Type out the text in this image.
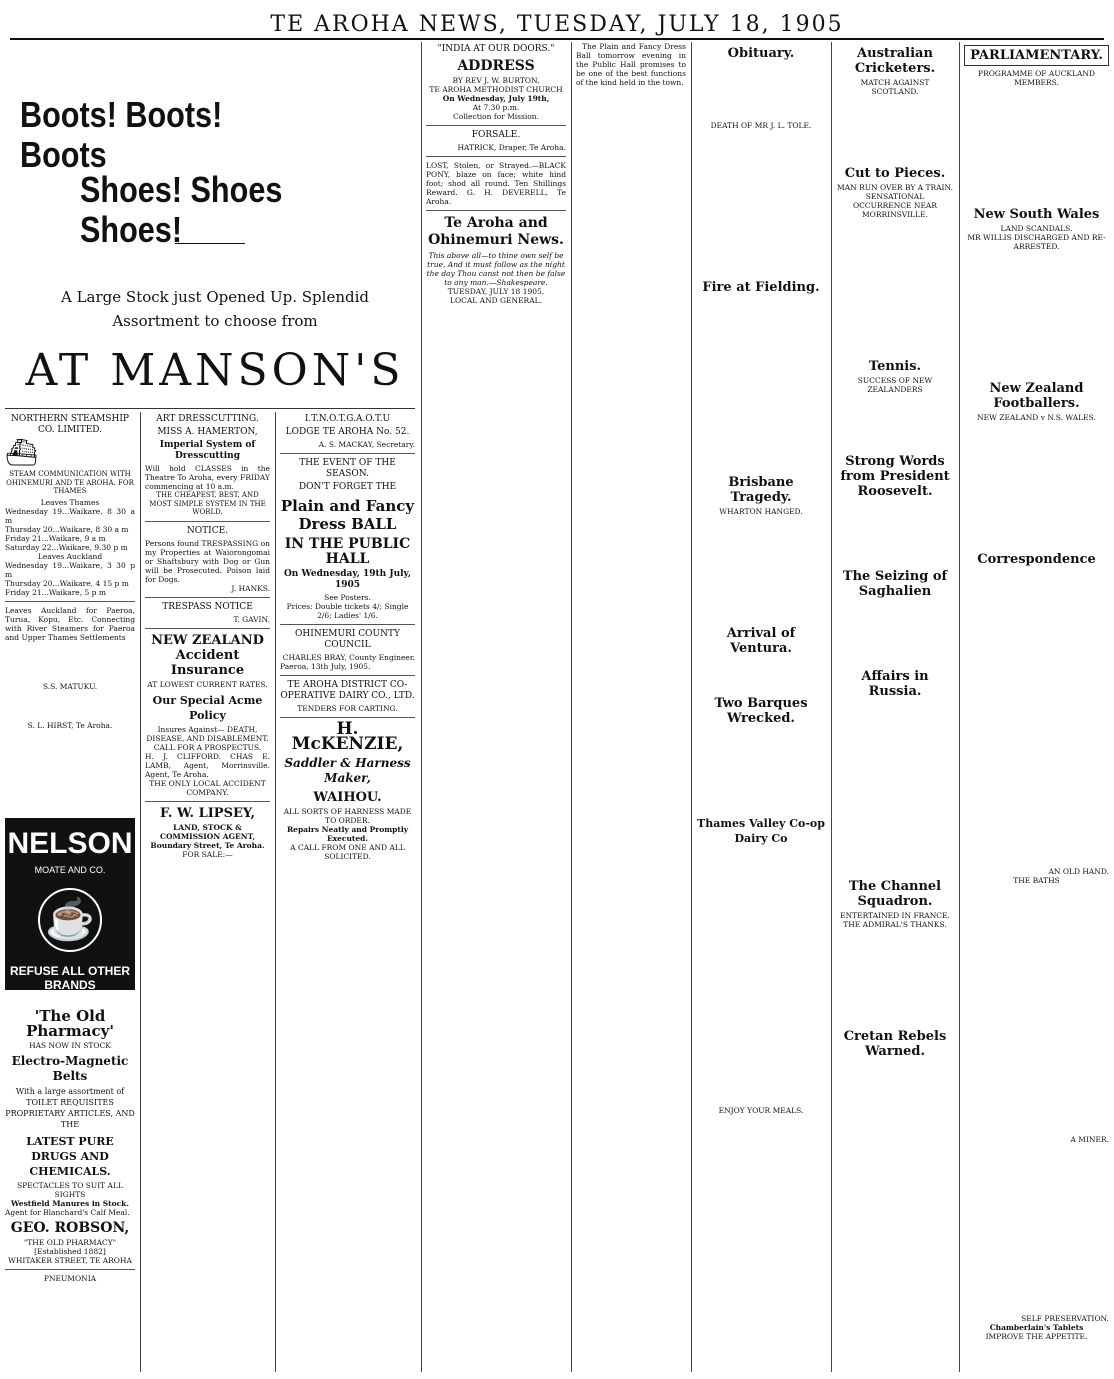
TE AROHA NEWS, TUESDAY, JULY 18, 1905
Boots! Boots! Boots
Shoes! Shoes Shoes!
A Large Stock just Opened Up. Splendid Assortment to choose from
AT MANSON'S
NORTHERN STEAMSHIP CO. LIMITED.
⛴
STEAM COMMUNICATION WITH OHINEMURI AND TE AROHA. FOR THAMES
Leaves Thames
Wednesday 19...Waikare, 8 30 a m
Thursday 20...Waikare, 8 30 a m
Friday 21...Waikare, 9 a m
Saturday 22...Waikare, 9.30 p m
Leaves Auckland
Wednesday 19...Waikare, 3 30 p m
Thursday 20...Waikare, 4 15 p m
Friday 21...Waikare, 5 p m
Leaves Auckland for Paeroa, Turua, Kopu, Etc. Connecting with River Steamers for Paeroa and Upper Thames Settlements
S.S. MATUKU.
S. L. HIRST, Te Aroha.
NELSON
MOATE AND CO.
☕
REFUSE ALL OTHER BRANDS
'The Old Pharmacy'
HAS NOW IN STOCK
Electro-Magnetic Belts
With a large assortment of TOILET REQUISITES PROPRIETARY ARTICLES, AND THE
LATEST PURE DRUGS AND CHEMICALS.
SPECTACLES TO SUIT ALL SIGHTS
Westfield Manures in Stock.
Agent for Blanchard's Calf Meal.
GEO. ROBSON,
"THE OLD PHARMACY"
[Established 1882]
WHITAKER STREET, TE AROHA
PNEUMONIA
ART DRESSCUTTING.
MISS A. HAMERTON,
Imperial System of Dresscutting
Will hold CLASSES in the Theatre To Aroha, every FRIDAY commencing at 10 a.m.
THE CHEAPEST, BEST, AND MOST SIMPLE SYSTEM IN THE WORLD.
NOTICE.
Persons found TRESPASSING on my Properties at Waiorongomai or Shaftsbury with Dog or Gun will be Prosecuted. Poison laid for Dogs.
J. HANKS.
TRESPASS NOTICE
T. GAVIN.
NEW ZEALAND Accident Insurance
AT LOWEST CURRENT RATES.
Our Special Acme Policy
Insures Against— DEATH, DISEASE, AND DISABLEMENT.
CALL FOR A PROSPECTUS.
H. J. CLIFFORD. CHAS E. LAMB, Agent, Morrinsville. Agent, Te Aroha.
THE ONLY LOCAL ACCIDENT COMPANY.
F. W. LIPSEY,
LAND, STOCK & COMMISSION AGENT, Boundary Street, Te Aroha.
FOR SALE:—
I.T.N.O.T.G.A.O.T.U
LODGE TE AROHA No. 52.
A. S. MACKAY, Secretary.
THE EVENT OF THE SEASON.
DON'T FORGET THE
Plain and Fancy Dress BALL
IN THE PUBLIC HALL
On Wednesday, 19th July, 1905
See Posters.
Prices: Double tickets 4/; Single 2/6; Ladies' 1/6.
OHINEMURI COUNTY COUNCIL
CHARLES BRAY, County Engineer.
Paeroa, 13th July, 1905.
TE AROHA DISTRICT CO-OPERATIVE DAIRY CO., LTD.
TENDERS FOR CARTING.
H. McKENZIE,
Saddler & Harness Maker,
WAIHOU.
ALL SORTS OF HARNESS MADE TO ORDER.
Repairs Neatly and Promptly Executed.
A CALL FROM ONE AND ALL SOLICITED.
"INDIA AT OUR DOORS."
ADDRESS
BY REV J. W. BURTON,
TE AROHA METHODIST CHURCH
On Wednesday, July 19th,
At 7.30 p.m.
Collection for Mission.
FORSALE.
HATRICK, Draper, Te Aroha.
LOST, Stolen, or Strayed.—BLACK PONY, blaze on face; white hind foot; shod all round. Ten Shillings Reward. G. H. DEVERELL, Te Aroha.
Te Aroha and Ohinemuri News.
This above all—to thine own self be true, And it must follow as the night the day Thou canst not then be false to any man.—Shakespeare.
TUESDAY, JULY 18 1905.
LOCAL AND GENERAL.

The Plain and Fancy Dress Ball tomorrow evening in the Public Hall promises to be one of the best functions of the kind held in the town.

Obituary.
DEATH OF MR J. L. TOLE.
Fire at Fielding.
Brisbane Tragedy.
WHARTON HANGED.
Arrival of Ventura.
Two Barques Wrecked.
Thames Valley Co-op Dairy Co
ENJOY YOUR MEALS.
Australian Cricketers.
MATCH AGAINST SCOTLAND.
Cut to Pieces.
MAN RUN OVER BY A TRAIN.
SENSATIONAL OCCURRENCE NEAR MORRINSVILLE.
Tennis.
SUCCESS OF NEW ZEALANDERS
Strong Words from President Roosevelt.
The Seizing of Saghalien
Affairs in Russia.
The Channel Squadron.
ENTERTAINED IN FRANCE.
THE ADMIRAL'S THANKS.
Cretan Rebels Warned.
PARLIAMENTARY.
PROGRAMME OF AUCKLAND MEMBERS.
New South Wales
LAND SCANDALS.
MR WILLIS DISCHARGED AND RE-ARRESTED.
New Zealand Footballers.
NEW ZEALAND v N.S. WALES.
Correspondence
AN OLD HAND.
THE BATHS
A MINER.
SELF PRESERVATION.
Chamberlain's Tablets
IMPROVE THE APPETITE.
